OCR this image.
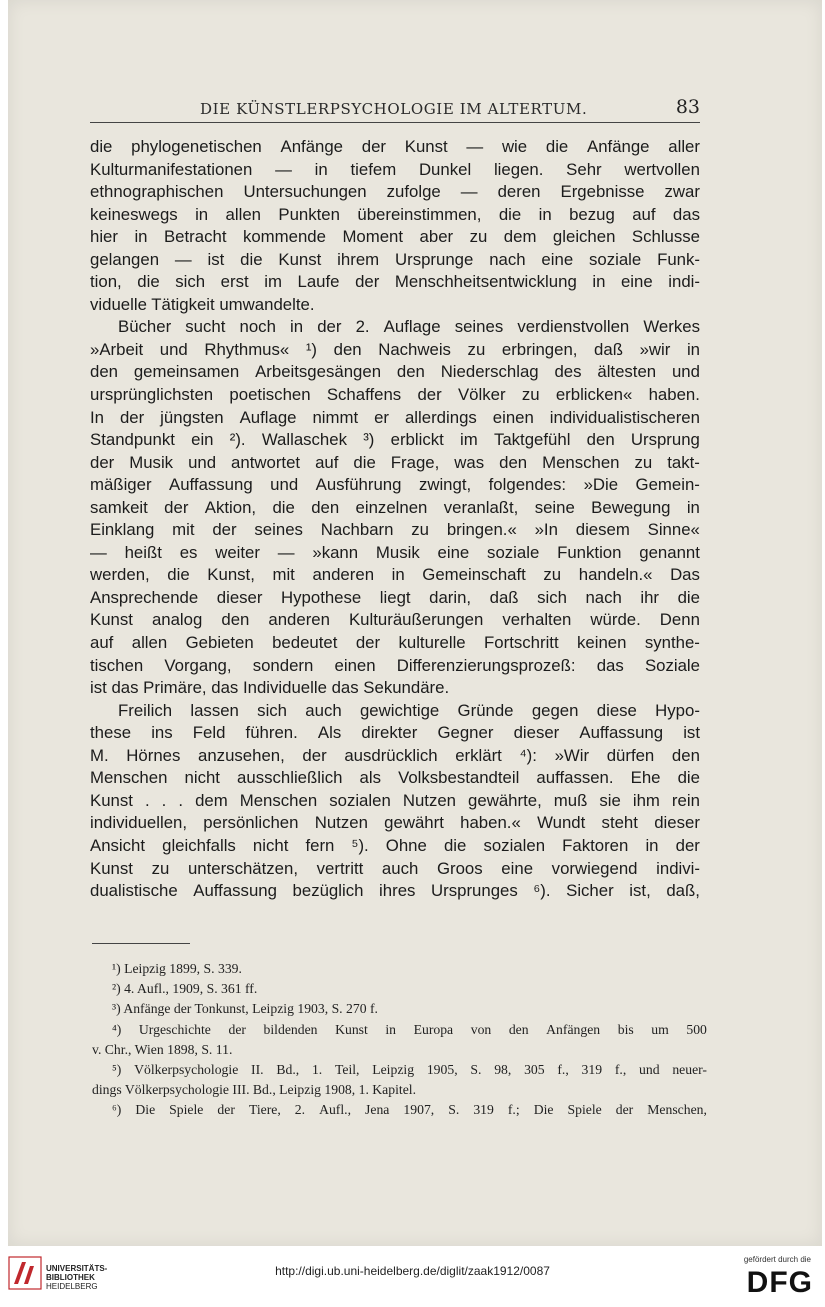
DIE KÜNSTLERPSYCHOLOGIE IM ALTERTUM.	83
die phylogenetischen Anfänge der Kunst — wie die Anfänge aller
Kulturmanifestationen — in tiefem Dunkel liegen. Sehr wertvollen
ethnographischen Untersuchungen zufolge — deren Ergebnisse zwar
keineswegs in allen Punkten übereinstimmen, die in bezug auf das
hier in Betracht kommende Moment aber zu dem gleichen Schlusse
gelangen — ist die Kunst ihrem Ursprunge nach eine soziale Funk-
tion, die sich erst im Laufe der Menschheitsentwicklung in eine indi-
viduelle Tätigkeit umwandelte.
Bücher sucht noch in der 2. Auflage seines verdienstvollen Werkes
»Arbeit und Rhythmus« ¹) den Nachweis zu erbringen, daß »wir in
den gemeinsamen Arbeitsgesängen den Niederschlag des ältesten und
ursprünglichsten poetischen Schaffens der Völker zu erblicken« haben.
In der jüngsten Auflage nimmt er allerdings einen individualistischeren
Standpunkt ein ²). Wallaschek ³) erblickt im Taktgefühl den Ursprung
der Musik und antwortet auf die Frage, was den Menschen zu takt-
mäßiger Auffassung und Ausführung zwingt, folgendes: »Die Gemein-
samkeit der Aktion, die den einzelnen veranlaßt, seine Bewegung in
Einklang mit der seines Nachbarn zu bringen.« »In diesem Sinne«
— heißt es weiter — »kann Musik eine soziale Funktion genannt
werden, die Kunst, mit anderen in Gemeinschaft zu handeln.« Das
Ansprechende dieser Hypothese liegt darin, daß sich nach ihr die
Kunst analog den anderen Kulturäußerungen verhalten würde. Denn
auf allen Gebieten bedeutet der kulturelle Fortschritt keinen synthe-
tischen Vorgang, sondern einen Differenzierungsprozeß: das Soziale
ist das Primäre, das Individuelle das Sekundäre.
Freilich lassen sich auch gewichtige Gründe gegen diese Hypo-
these ins Feld führen. Als direkter Gegner dieser Auffassung ist
M. Hörnes anzusehen, der ausdrücklich erklärt ⁴): »Wir dürfen den
Menschen nicht ausschließlich als Volksbestandteil auffassen. Ehe die
Kunst . . . dem Menschen sozialen Nutzen gewährte, muß sie ihm rein
individuellen, persönlichen Nutzen gewährt haben.« Wundt steht dieser
Ansicht gleichfalls nicht fern ⁵). Ohne die sozialen Faktoren in der
Kunst zu unterschätzen, vertritt auch Groos eine vorwiegend indivi-
dualistische Auffassung bezüglich ihres Ursprunges ⁶). Sicher ist, daß,
¹) Leipzig 1899, S. 339.
²) 4. Aufl., 1909, S. 361 ff.
³) Anfänge der Tonkunst, Leipzig 1903, S. 270 f.
⁴) Urgeschichte der bildenden Kunst in Europa von den Anfängen bis um 500
v. Chr., Wien 1898, S. 11.
⁵) Völkerpsychologie II. Bd., 1. Teil, Leipzig 1905, S. 98, 305 f., 319 f., und neuer-
dings Völkerpsychologie III. Bd., Leipzig 1908, 1. Kapitel.
⁶) Die Spiele der Tiere, 2. Aufl., Jena 1907, S. 319 f.; Die Spiele der Menschen,
UNIVERSITÄTS-
BIBLIOTHEK
HEIDELBERG
http://digi.ub.uni-heidelberg.de/diglit/zaak1912/0087
gefördert durch die
DFG
